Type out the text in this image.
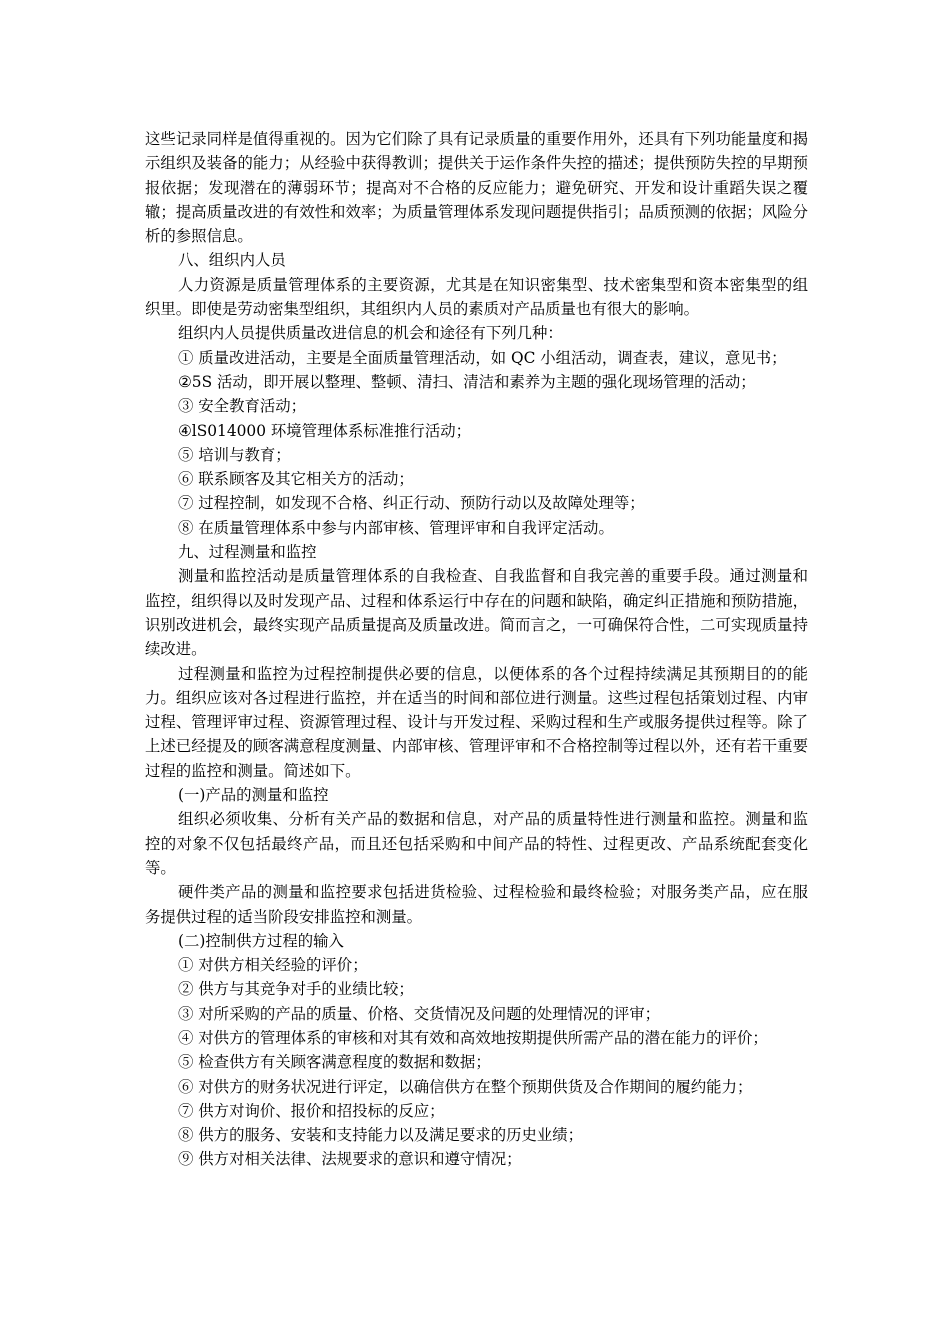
这些记录同样是值得重视的。因为它们除了具有记录质量的重要作用外，还具有下列功能量度和揭示组织及装备的能力；从经验中获得教训；提供关于运作条件失控的描述；提供预防失控的早期预报依据；发现潜在的薄弱环节；提高对不合格的反应能力；避免研究、开发和设计重蹈失误之覆辙；提高质量改进的有效性和效率；为质量管理体系发现问题提供指引；品质预测的依据；风险分析的参照信息。

八、组织内人员

人力资源是质量管理体系的主要资源，尤其是在知识密集型、技术密集型和资本密集型的组织里。即使是劳动密集型组织，其组织内人员的素质对产品质量也有很大的影响。

组织内人员提供质量改进信息的机会和途径有下列几种：

① 质量改进活动，主要是全面质量管理活动，如 QC 小组活动，调查表，建议，意见书；

②5S 活动，即开展以整理、整顿、清扫、清洁和素养为主题的强化现场管理的活动；

③ 安全教育活动；

④lS014000 环境管理体系标准推行活动；

⑤ 培训与教育；

⑥ 联系顾客及其它相关方的活动；

⑦ 过程控制，如发现不合格、纠正行动、预防行动以及故障处理等；

⑧ 在质量管理体系中参与内部审核、管理评审和自我评定活动。

九、过程测量和监控

测量和监控活动是质量管理体系的自我检查、自我监督和自我完善的重要手段。通过测量和监控，组织得以及时发现产品、过程和体系运行中存在的问题和缺陷，确定纠正措施和预防措施，识别改进机会，最终实现产品质量提高及质量改进。简而言之，一可确保符合性，二可实现质量持续改进。

过程测量和监控为过程控制提供必要的信息，以便体系的各个过程持续满足其预期目的的能力。组织应该对各过程进行监控，并在适当的时间和部位进行测量。这些过程包括策划过程、内审过程、管理评审过程、资源管理过程、设计与开发过程、采购过程和生产或服务提供过程等。除了上述已经提及的顾客满意程度测量、内部审核、管理评审和不合格控制等过程以外，还有若干重要过程的监控和测量。简述如下。

(一)产品的测量和监控

组织必须收集、分析有关产品的数据和信息，对产品的质量特性进行测量和监控。测量和监控的对象不仅包括最终产品，而且还包括采购和中间产品的特性、过程更改、产品系统配套变化等。

硬件类产品的测量和监控要求包括进货检验、过程检验和最终检验；对服务类产品，应在服务提供过程的适当阶段安排监控和测量。

(二)控制供方过程的输入

① 对供方相关经验的评价；

② 供方与其竞争对手的业绩比较；

③ 对所采购的产品的质量、价格、交货情况及问题的处理情况的评审；

④ 对供方的管理体系的审核和对其有效和高效地按期提供所需产品的潜在能力的评价；

⑤ 检查供方有关顾客满意程度的数据和数据；

⑥ 对供方的财务状况进行评定，以确信供方在整个预期供货及合作期间的履约能力；

⑦ 供方对询价、报价和招投标的反应；

⑧ 供方的服务、安装和支持能力以及满足要求的历史业绩；

⑨ 供方对相关法律、法规要求的意识和遵守情况；
